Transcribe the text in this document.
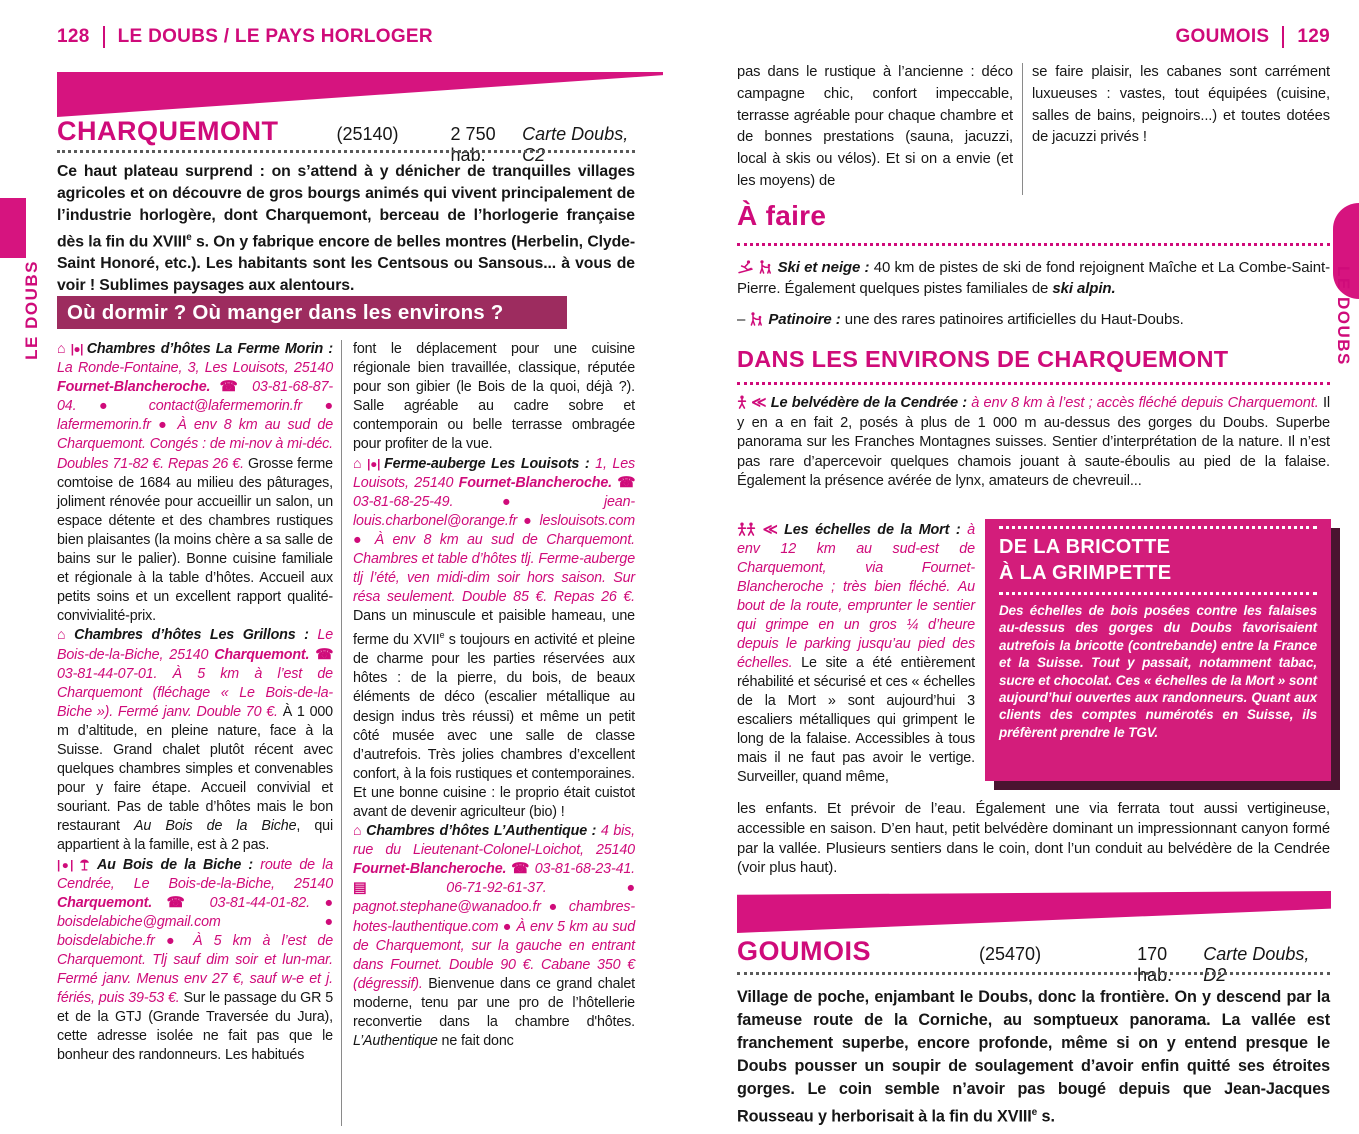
128 LE DOUBS / LE PAYS HORLOGER	GOUMOIS 129
LE DOUBS	LE DOUBS
CHARQUEMONT	(25140)	2 750 hab.
Carte Doubs, C2
Ce haut plateau surprend : on s’attend à y dénicher de tranquilles villages agricoles et on découvre de gros bourgs animés qui vivent principalement de l’industrie horlogère, dont Charquemont, berceau de l’horlogerie française dès la fin du XVIIIe s. On y fabrique encore de belles montres (Herbelin, Clyde-Saint Honoré, etc.). Les habitants sont les Centsous ou Sansous... à vous de voir ! Sublimes paysages aux alentours.
Où dormir ? Où manger dans les environs ?
⌂ |●| Chambres d’hôtes La Ferme Morin : La Ronde-Fontaine, 3, Les Louisots, 25140 Fournet-Blancheroche. ☎ 03-81-68-87-04. ● contact@lafermemorin.fr ● lafermemorin.fr ● À env 8 km au sud de Charquemont. Congés : de mi-nov à mi-déc. Doubles 71-82 €. Repas 26 €. Grosse ferme comtoise de 1684 au milieu des pâturages, joliment rénovée pour accueillir un salon, un espace détente et des chambres rustiques bien plaisantes (la moins chère a sa salle de bains sur le palier). Bonne cuisine familiale et régionale à la table d’hôtes. Accueil aux petits soins et un excellent rapport qualité-convivialité-prix.
⌂ Chambres d’hôtes Les Grillons : Le Bois-de-la-Biche, 25140 Charquemont. ☎ 03-81-44-07-01. À 5 km à l’est de Charquemont (fléchage « Le Bois-de-la-Biche »). Fermé janv. Double 70 €. À 1 000 m d’altitude, en pleine nature, face à la Suisse. Grand chalet plutôt récent avec quelques chambres simples et convenables pour y faire étape. Accueil convivial et souriant. Pas de table d’hôtes mais le bon restaurant Au Bois de la Biche, qui appartient à la famille, est à 2 pas.
|●| Au Bois de la Biche : route de la Cendrée, Le Bois-de-la-Biche, 25140 Charquemont. ☎ 03-81-44-01-82. ● boisdelabiche@gmail.com ● boisdelabiche.fr ● À 5 km à l’est de Charquemont. Tlj sauf dim soir et lun-mar. Fermé janv. Menus env 27 €, sauf w-e et j. fériés, puis 39-53 €. Sur le passage du GR 5 et de la GTJ (Grande Traversée du Jura), cette adresse isolée ne fait pas que le bonheur des randonneurs. Les habitués
font le déplacement pour une cuisine régionale bien travaillée, classique, réputée pour son gibier (le Bois de la quoi, déjà ?). Salle agréable au cadre sobre et contemporain ou belle terrasse ombragée pour profiter de la vue.
⌂ |●| Ferme-auberge Les Louisots : 1, Les Louisots, 25140 Fournet-Blancheroche. ☎ 03-81-68-25-49. ● jean-louis.charbonel@orange.fr ● leslouisots.com ● À env 8 km au sud de Charquemont. Chambres et table d’hôtes tlj. Ferme-auberge tlj l’été, ven midi-dim soir hors saison. Sur résa seulement. Double 85 €. Repas 26 €. Dans un minuscule et paisible hameau, une ferme du XVIIe s toujours en activité et pleine de charme pour les parties réservées aux hôtes : de la pierre, du bois, de beaux éléments de déco (escalier métallique au design indus très réussi) et même un petit côté musée avec une salle de classe d’autrefois. Très jolies chambres d’excellent confort, à la fois rustiques et contemporaines. Et une bonne cuisine : le proprio était cuistot avant de devenir agriculteur (bio) !
⌂ Chambres d’hôtes L’Authentique : 4 bis, rue du Lieutenant-Colonel-Loichot, 25140 Fournet-Blancheroche. ☎ 03-81-68-23-41. ▤	06-71-92-61-37. ● pagnot.stephane@wanadoo.fr ● chambres-hotes-lauthentique.com ● À env 5 km au sud de Charquemont, sur la gauche en entrant dans Fournet. Double 90 €. Cabane 350 € (dégressif). Bienvenue dans ce grand chalet moderne, tenu par une pro de l’hôtellerie reconvertie dans la chambre d'hôtes. L’Authentique ne fait donc
pas dans le rustique à l’ancienne : déco campagne chic, confort impeccable, terrasse agréable pour chaque chambre et de bonnes prestations (sauna, jacuzzi, local à skis ou vélos). Et si on a envie (et les moyens) de
se faire plaisir, les cabanes sont carrément luxueuses : vastes, tout équipées (cuisine, salles de bains, peignoirs...) et toutes dotées de jacuzzi privés !
À faire
Ski et neige : 40 km de pistes de ski de fond rejoignent Maîche et La Combe-Saint-Pierre. Également quelques pistes familiales de ski alpin.
–  Patinoire : une des rares patinoires artificielles du Haut-Doubs.
DANS LES ENVIRONS DE CHARQUEMONT
≪ Le belvédère de la Cendrée : à env 8 km à l’est ; accès fléché depuis Charquemont. Il y en a en fait 2, posés à plus de 1 000 m au-dessus des gorges du Doubs. Superbe panorama sur les Franches Montagnes suisses. Sentier d’interprétation de la nature. Il n’est pas rare d’apercevoir quelques chamois jouant à saute-éboulis au pied de la falaise. Également la présence avérée de lynx, amateurs de chevreuil...
≪ Les échelles de la Mort : à env 12 km au sud-est de Charquemont, via Fournet-Blancheroche ; très bien fléché. Au bout de la route, emprunter le sentier qui grimpe en un gros ¼ d’heure depuis le parking jusqu’au pied des échelles. Le site a été entièrement réhabilité et sécurisé et ces « échelles de la Mort » sont aujourd’hui 3 escaliers métalliques qui grimpent le long de la falaise. Accessibles à tous mais il ne faut pas avoir le vertige. Surveiller, quand même,
DE LA BRICOTTE
À LA GRIMPETTE
Des échelles de bois posées contre les falaises au-dessus des gorges du Doubs favorisaient autrefois la bricotte (contrebande) entre la France et la Suisse. Tout y passait, notamment tabac, sucre et chocolat. Ces « échelles de la Mort » sont aujourd’hui ouvertes aux randonneurs. Quant aux clients des comptes numérotés en Suisse, ils préfèrent prendre le TGV.
les enfants. Et prévoir de l’eau. Également une via ferrata tout aussi vertigineuse, accessible en saison. D’en haut, petit belvédère dominant un impressionnant canyon formé par la vallée. Plusieurs sentiers dans le coin, dont l’un conduit au belvédère de la Cendrée (voir plus haut).
GOUMOIS	(25470)	170 hab.
Carte Doubs, D2
Village de poche, enjambant le Doubs, donc la frontière. On y descend par la fameuse route de la Corniche, au somptueux panorama. La vallée est franchement superbe, encore profonde, même si on y entend presque le Doubs pousser un soupir de soulagement d’avoir enfin quitté ses étroites gorges. Le coin semble n’avoir pas bougé depuis que Jean-Jacques Rousseau y herborisait à la fin du XVIIIe s.
